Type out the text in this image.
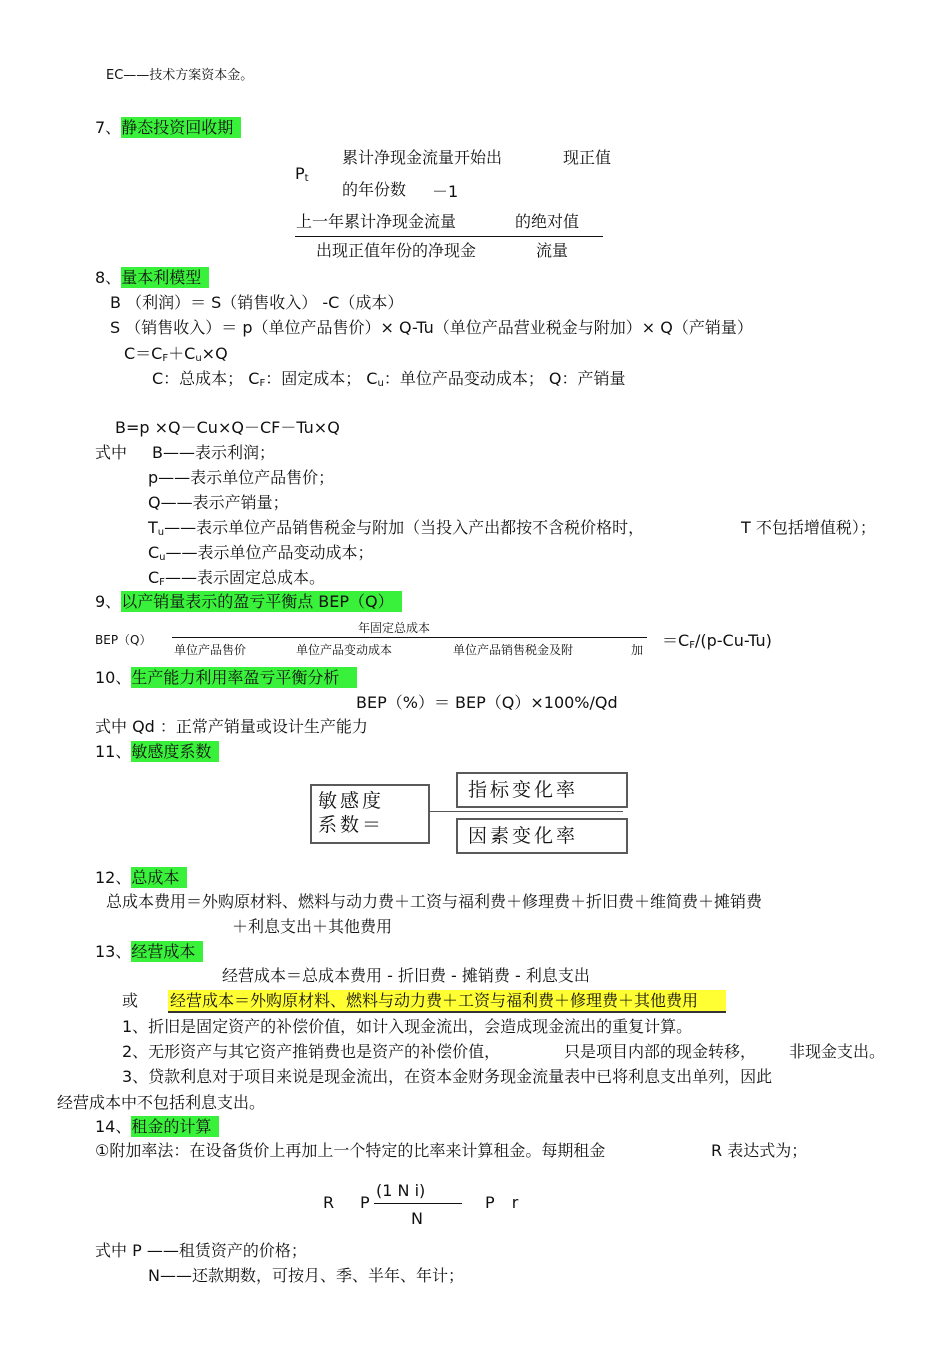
EC——技术方案资本金。
7、静态投资回收期
$P_t$
累计净现金流量开始出	现正值
的年份数 －1
上一年累计净现金流量	的绝对值
出现正值年份的净现金	流量
8、量本利模型
B （利润）＝ S（销售收入） -C（成本）
S （销售收入）＝ p（单位产品售价）× Q-Tu（单位产品营业税金与附加）× Q（产销量）
$C=C_F+C_u\times Q$
C：总成本； $C_F$：固定成本； $C_u$：单位产品变动成本； Q：产销量
B=p ×Q－Cu×Q－CF－Tu×Q
式中 B——表示利润；
p——表示单位产品售价；
Q——表示产销量；
$T_u——$表示单位产品销售税金与附加（当投入产出都按不含税价格时，	T 不包括增值税）；
$C_u——$表示单位产品变动成本；
$C_F——$表示固定总成本。
9、以产销量表示的盈亏平衡点 BEP（Q）
BEP（Q）
年固定总成本
单位产品售价	单位产品变动成本	单位产品销售税金及附	加 $=C_F/(p-Cu-Tu)$
10、生产能力利用率盈亏平衡分析
BEP（%）＝ BEP（Q）×100%/Qd
式中 Qd ：正常产销量或设计生产能力
11、敏感度系数
敏感度
系数＝
指标变化率
因素变化率
12、总成本
总成本费用＝外购原材料、燃料与动力费＋工资与福利费＋修理费＋折旧费＋维简费＋摊销费
＋利息支出＋其他费用
13、经营成本
经营成本＝总成本费用 - 折旧费 - 摊销费 - 利息支出
或 经营成本＝外购原材料、燃料与动力费＋工资与福利费＋修理费＋其他费用
1、折旧是固定资产的补偿价值，如计入现金流出，会造成现金流出的重复计算。
2、无形资产与其它资产推销费也是资产的补偿价值，	只是项目内部的现金转移， 非现金支出。
3、贷款利息对于项目来说是现金流出，在资本金财务现金流量表中已将利息支出单列，因此
经营成本中不包括利息支出。
14、租金的计算
①附加率法：在设备货价上再加上一个特定的比率来计算租金。每期租金	R 表达式为；
R P
(1 N i)
N
P r
式中 P ——租赁资产的价格；
N——还款期数，可按月、季、半年、年计；
